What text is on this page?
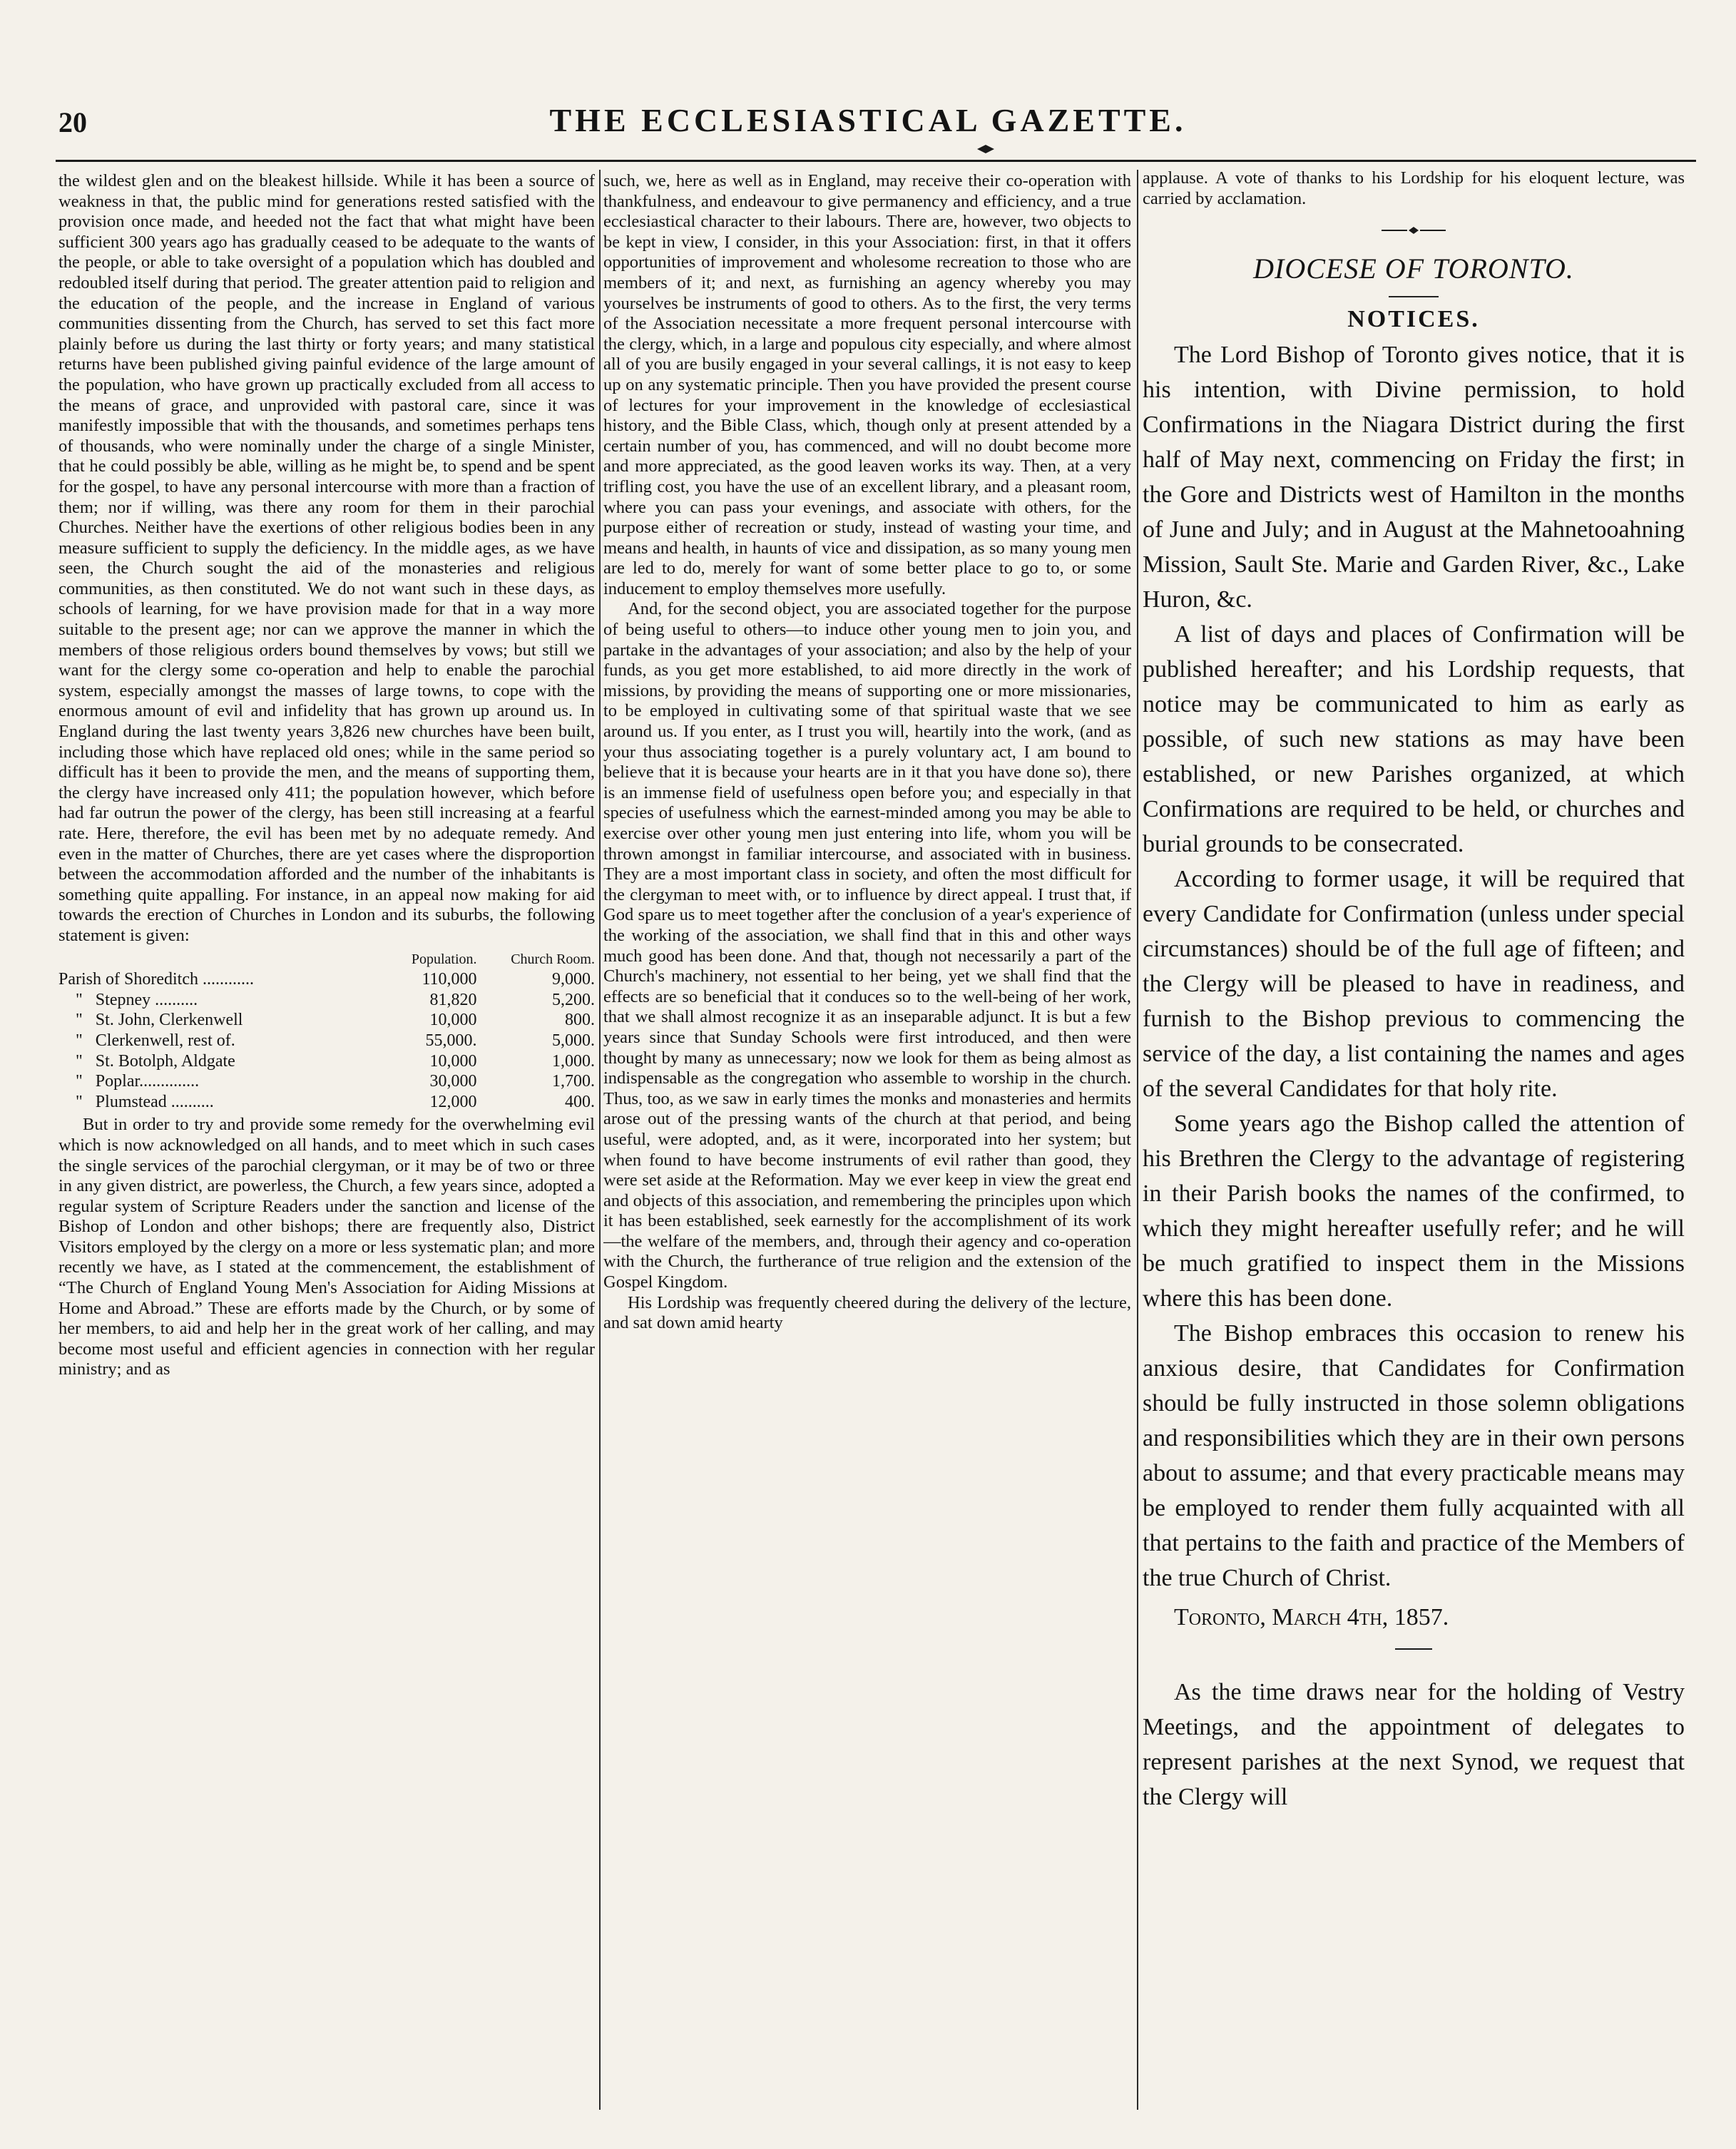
20	THE ECCLESIASTICAL GAZETTE.

the wildest glen and on the bleakest hillside. While it has been a source of weakness in that, the public mind for generations rested satisfied with the provision once made, and heeded not the fact that what might have been sufficient 300 years ago has gradually ceased to be adequate to the wants of the people, or able to take oversight of a population which has doubled and redoubled itself during that period. The greater attention paid to religion and the education of the people, and the increase in England of various communities dissenting from the Church, has served to set this fact more plainly before us during the last thirty or forty years; and many statistical returns have been published giving painful evidence of the large amount of the population, who have grown up practically excluded from all access to the means of grace, and unprovided with pastoral care, since it was manifestly impossible that with the thousands, and sometimes perhaps tens of thousands, who were nominally under the charge of a single Minister, that he could possibly be able, willing as he might be, to spend and be spent for the gospel, to have any personal intercourse with more than a fraction of them; nor if willing, was there any room for them in their parochial Churches. Neither have the exertions of other religious bodies been in any measure sufficient to supply the deficiency. In the middle ages, as we have seen, the Church sought the aid of the monasteries and religious communities, as then constituted. We do not want such in these days, as schools of learning, for we have provision made for that in a way more suitable to the present age; nor can we approve the manner in which the members of those religious orders bound themselves by vows; but still we want for the clergy some co-operation and help to enable the parochial system, especially amongst the masses of large towns, to cope with the enormous amount of evil and infidelity that has grown up around us. In England during the last twenty years 3,826 new churches have been built, including those which have replaced old ones; while in the same period so difficult has it been to provide the men, and the means of supporting them, the clergy have increased only 411; the population however, which before had far outrun the power of the clergy, has been still increasing at a fearful rate. Here, therefore, the evil has been met by no adequate remedy. And even in the matter of Churches, there are yet cases where the disproportion between the accommodation afforded and the number of the inhabitants is something quite appalling. For instance, in an appeal now making for aid towards the erection of Churches in London and its suburbs, the following statement is given:

	Population.	Church Room.
Parish of Shoreditch ............	110,000	9,000.
" Stepney ..........	81,820	5,200.
" St. John, Clerkenwell	10,000	800.
" Clerkenwell, rest of.	55,000.	5,000.
" St. Botolph, Aldgate	10,000	1,000.
" Poplar..............	30,000	1,700.
" Plumstead ..........	12,000	400.

But in order to try and provide some remedy for the overwhelming evil which is now acknowledged on all hands, and to meet which in such cases the single services of the parochial clergyman, or it may be of two or three in any given district, are powerless, the Church, a few years since, adopted a regular system of Scripture Readers under the sanction and license of the Bishop of London and other bishops; there are frequently also, District Visitors employed by the clergy on a more or less systematic plan; and more recently we have, as I stated at the commencement, the establishment of “The Church of England Young Men's Association for Aiding Missions at Home and Abroad.” These are efforts made by the Church, or by some of her members, to aid and help her in the great work of her calling, and may become most useful and efficient agencies in connection with her regular ministry; and as

such, we, here as well as in England, may receive their co-operation with thankfulness, and endeavour to give permanency and efficiency, and a true ecclesiastical character to their labours. There are, however, two objects to be kept in view, I consider, in this your Association: first, in that it offers opportunities of improvement and wholesome recreation to those who are members of it; and next, as furnishing an agency whereby you may yourselves be instruments of good to others. As to the first, the very terms of the Association necessitate a more frequent personal intercourse with the clergy, which, in a large and populous city especially, and where almost all of you are busily engaged in your several callings, it is not easy to keep up on any systematic principle. Then you have provided the present course of lectures for your improvement in the knowledge of ecclesiastical history, and the Bible Class, which, though only at present attended by a certain number of you, has commenced, and will no doubt become more and more appreciated, as the good leaven works its way. Then, at a very trifling cost, you have the use of an excellent library, and a pleasant room, where you can pass your evenings, and associate with others, for the purpose either of recreation or study, instead of wasting your time, and means and health, in haunts of vice and dissipation, as so many young men are led to do, merely for want of some better place to go to, or some inducement to employ themselves more usefully.

And, for the second object, you are associated together for the purpose of being useful to others—to induce other young men to join you, and partake in the advantages of your association; and also by the help of your funds, as you get more established, to aid more directly in the work of missions, by providing the means of supporting one or more missionaries, to be employed in cultivating some of that spiritual waste that we see around us. If you enter, as I trust you will, heartily into the work, (and as your thus associating together is a purely voluntary act, I am bound to believe that it is because your hearts are in it that you have done so), there is an immense field of usefulness open before you; and especially in that species of usefulness which the earnest-minded among you may be able to exercise over other young men just entering into life, whom you will be thrown amongst in familiar intercourse, and associated with in business. They are a most important class in society, and often the most difficult for the clergyman to meet with, or to influence by direct appeal. I trust that, if God spare us to meet together after the conclusion of a year's experience of the working of the association, we shall find that in this and other ways much good has been done. And that, though not necessarily a part of the Church's machinery, not essential to her being, yet we shall find that the effects are so beneficial that it conduces so to the well-being of her work, that we shall almost recognize it as an inseparable adjunct. It is but a few years since that Sunday Schools were first introduced, and then were thought by many as unnecessary; now we look for them as being almost as indispensable as the congregation who assemble to worship in the church. Thus, too, as we saw in early times the monks and monasteries and hermits arose out of the pressing wants of the church at that period, and being useful, were adopted, and, as it were, incorporated into her system; but when found to have become instruments of evil rather than good, they were set aside at the Reformation. May we ever keep in view the great end and objects of this association, and remembering the principles upon which it has been established, seek earnestly for the accomplishment of its work—the welfare of the members, and, through their agency and co-operation with the Church, the furtherance of true religion and the extension of the Gospel Kingdom.

His Lordship was frequently cheered during the delivery of the lecture, and sat down amid hearty

applause. A vote of thanks to his Lordship for his eloquent lecture, was carried by acclamation.

DIOCESE OF TORONTO.
NOTICES.

The Lord Bishop of Toronto gives notice, that it is his intention, with Divine permission, to hold Confirmations in the Niagara District during the first half of May next, commencing on Friday the first; in the Gore and Districts west of Hamilton in the months of June and July; and in August at the Mahnetooahning Mission, Sault Ste. Marie and Garden River, &c., Lake Huron, &c.

A list of days and places of Confirmation will be published hereafter; and his Lordship requests, that notice may be communicated to him as early as possible, of such new stations as may have been established, or new Parishes organized, at which Confirmations are required to be held, or churches and burial grounds to be consecrated.

According to former usage, it will be required that every Candidate for Confirmation (unless under special circumstances) should be of the full age of fifteen; and the Clergy will be pleased to have in readiness, and furnish to the Bishop previous to commencing the service of the day, a list containing the names and ages of the several Candidates for that holy rite.

Some years ago the Bishop called the attention of his Brethren the Clergy to the advantage of registering in their Parish books the names of the confirmed, to which they might hereafter usefully refer; and he will be much gratified to inspect them in the Missions where this has been done.

The Bishop embraces this occasion to renew his anxious desire, that Candidates for Confirmation should be fully instructed in those solemn obligations and responsibilities which they are in their own persons about to assume; and that every practicable means may be employed to render them fully acquainted with all that pertains to the faith and practice of the Members of the true Church of Christ.

Toronto, March 4th, 1857.

As the time draws near for the holding of Vestry Meetings, and the appointment of delegates to represent parishes at the next Synod, we request that the Clergy will
